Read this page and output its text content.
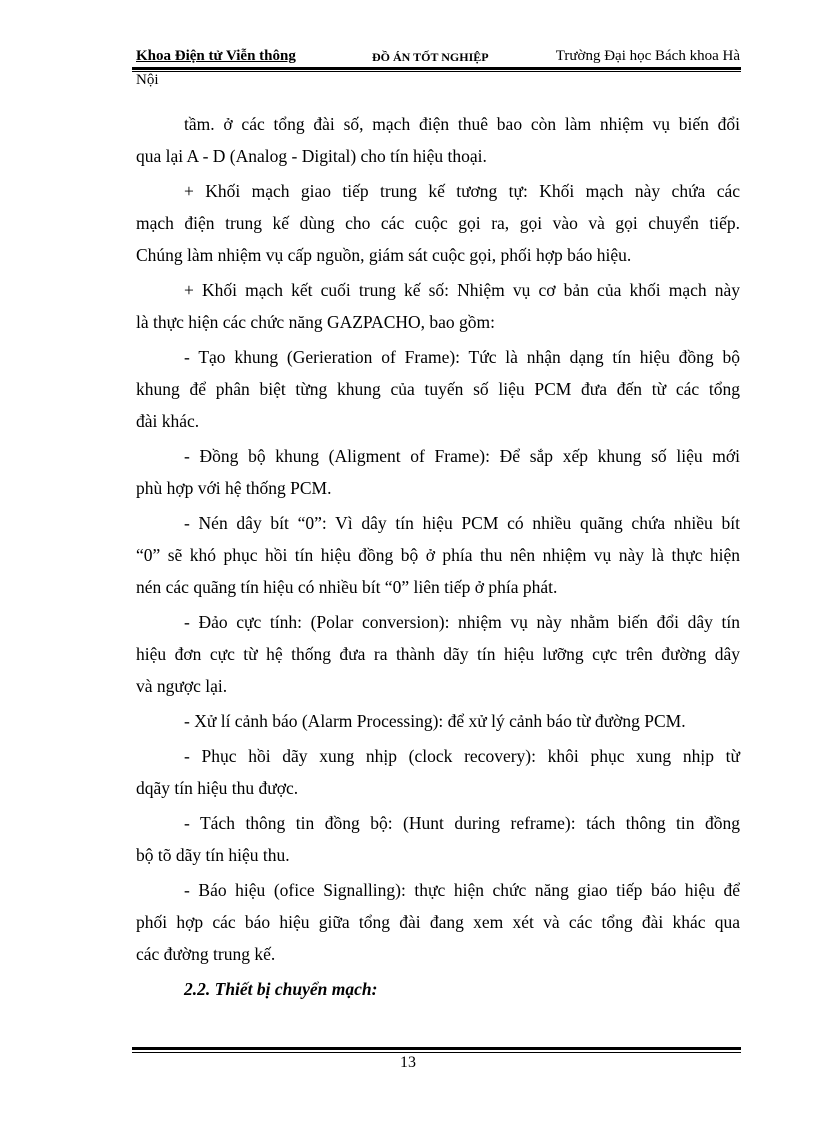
Khoa Điện tử Viễn thông	ĐỒ ÁN TỐT NGHIỆP	Trường Đại học Bách khoa Hà
Nội
tầm. ở các tổng đài số, mạch điện thuê bao còn làm nhiệm vụ biến đổi
qua lại A - D (Analog - Digital) cho tín hiệu thoại.
+ Khối mạch giao tiếp trung kế tương tự: Khối mạch này chứa các
mạch điện trung kế dùng cho các cuộc gọi ra, gọi vào và gọi chuyển tiếp.
Chúng làm nhiệm vụ cấp nguồn, giám sát cuộc gọi, phối hợp báo hiệu.
+ Khối mạch kết cuối trung kế số: Nhiệm vụ cơ bản của khối mạch này
là thực hiện các chức năng GAZPACHO, bao gồm:
- Tạo khung (Gerieration of Frame): Tức là nhận dạng tín hiệu đồng bộ
khung để phân biệt từng khung của tuyến số liệu PCM đưa đến từ các tổng
đài khác.
- Đồng bộ khung (Aligment of Frame): Để sắp xếp khung số liệu mới
phù hợp với hệ thống PCM.
- Nén dây bít “0”: Vì dây tín hiệu PCM có nhiều quãng chứa nhiều bít
“0” sẽ khó phục hồi tín hiệu đồng bộ ở phía thu nên nhiệm vụ này là thực hiện
nén các quãng tín hiệu có nhiều bít “0” liên tiếp ở phía phát.
- Đảo cực tính: (Polar conversion): nhiệm vụ này nhằm biến đổi dây tín
hiệu đơn cực từ hệ thống đưa ra thành dãy tín hiệu lưỡng cực trên đường dây
và ngược lại.
- Xử lí cảnh báo (Alarm Processing): để xử lý cảnh báo từ đường PCM.
- Phục hồi dãy xung nhịp (clock recovery): khôi phục xung nhịp từ
dqãy tín hiệu thu được.
- Tách thông tin đồng bộ: (Hunt during reframe): tách thông tin đồng
bộ tõ dãy tín hiệu thu.
- Báo hiệu (ofice Signalling): thực hiện chức năng giao tiếp báo hiệu để
phối hợp các báo hiệu giữa tổng đài đang xem xét và các tổng đài khác qua
các đường trung kế.
2.2. Thiết bị chuyển mạch:
13
